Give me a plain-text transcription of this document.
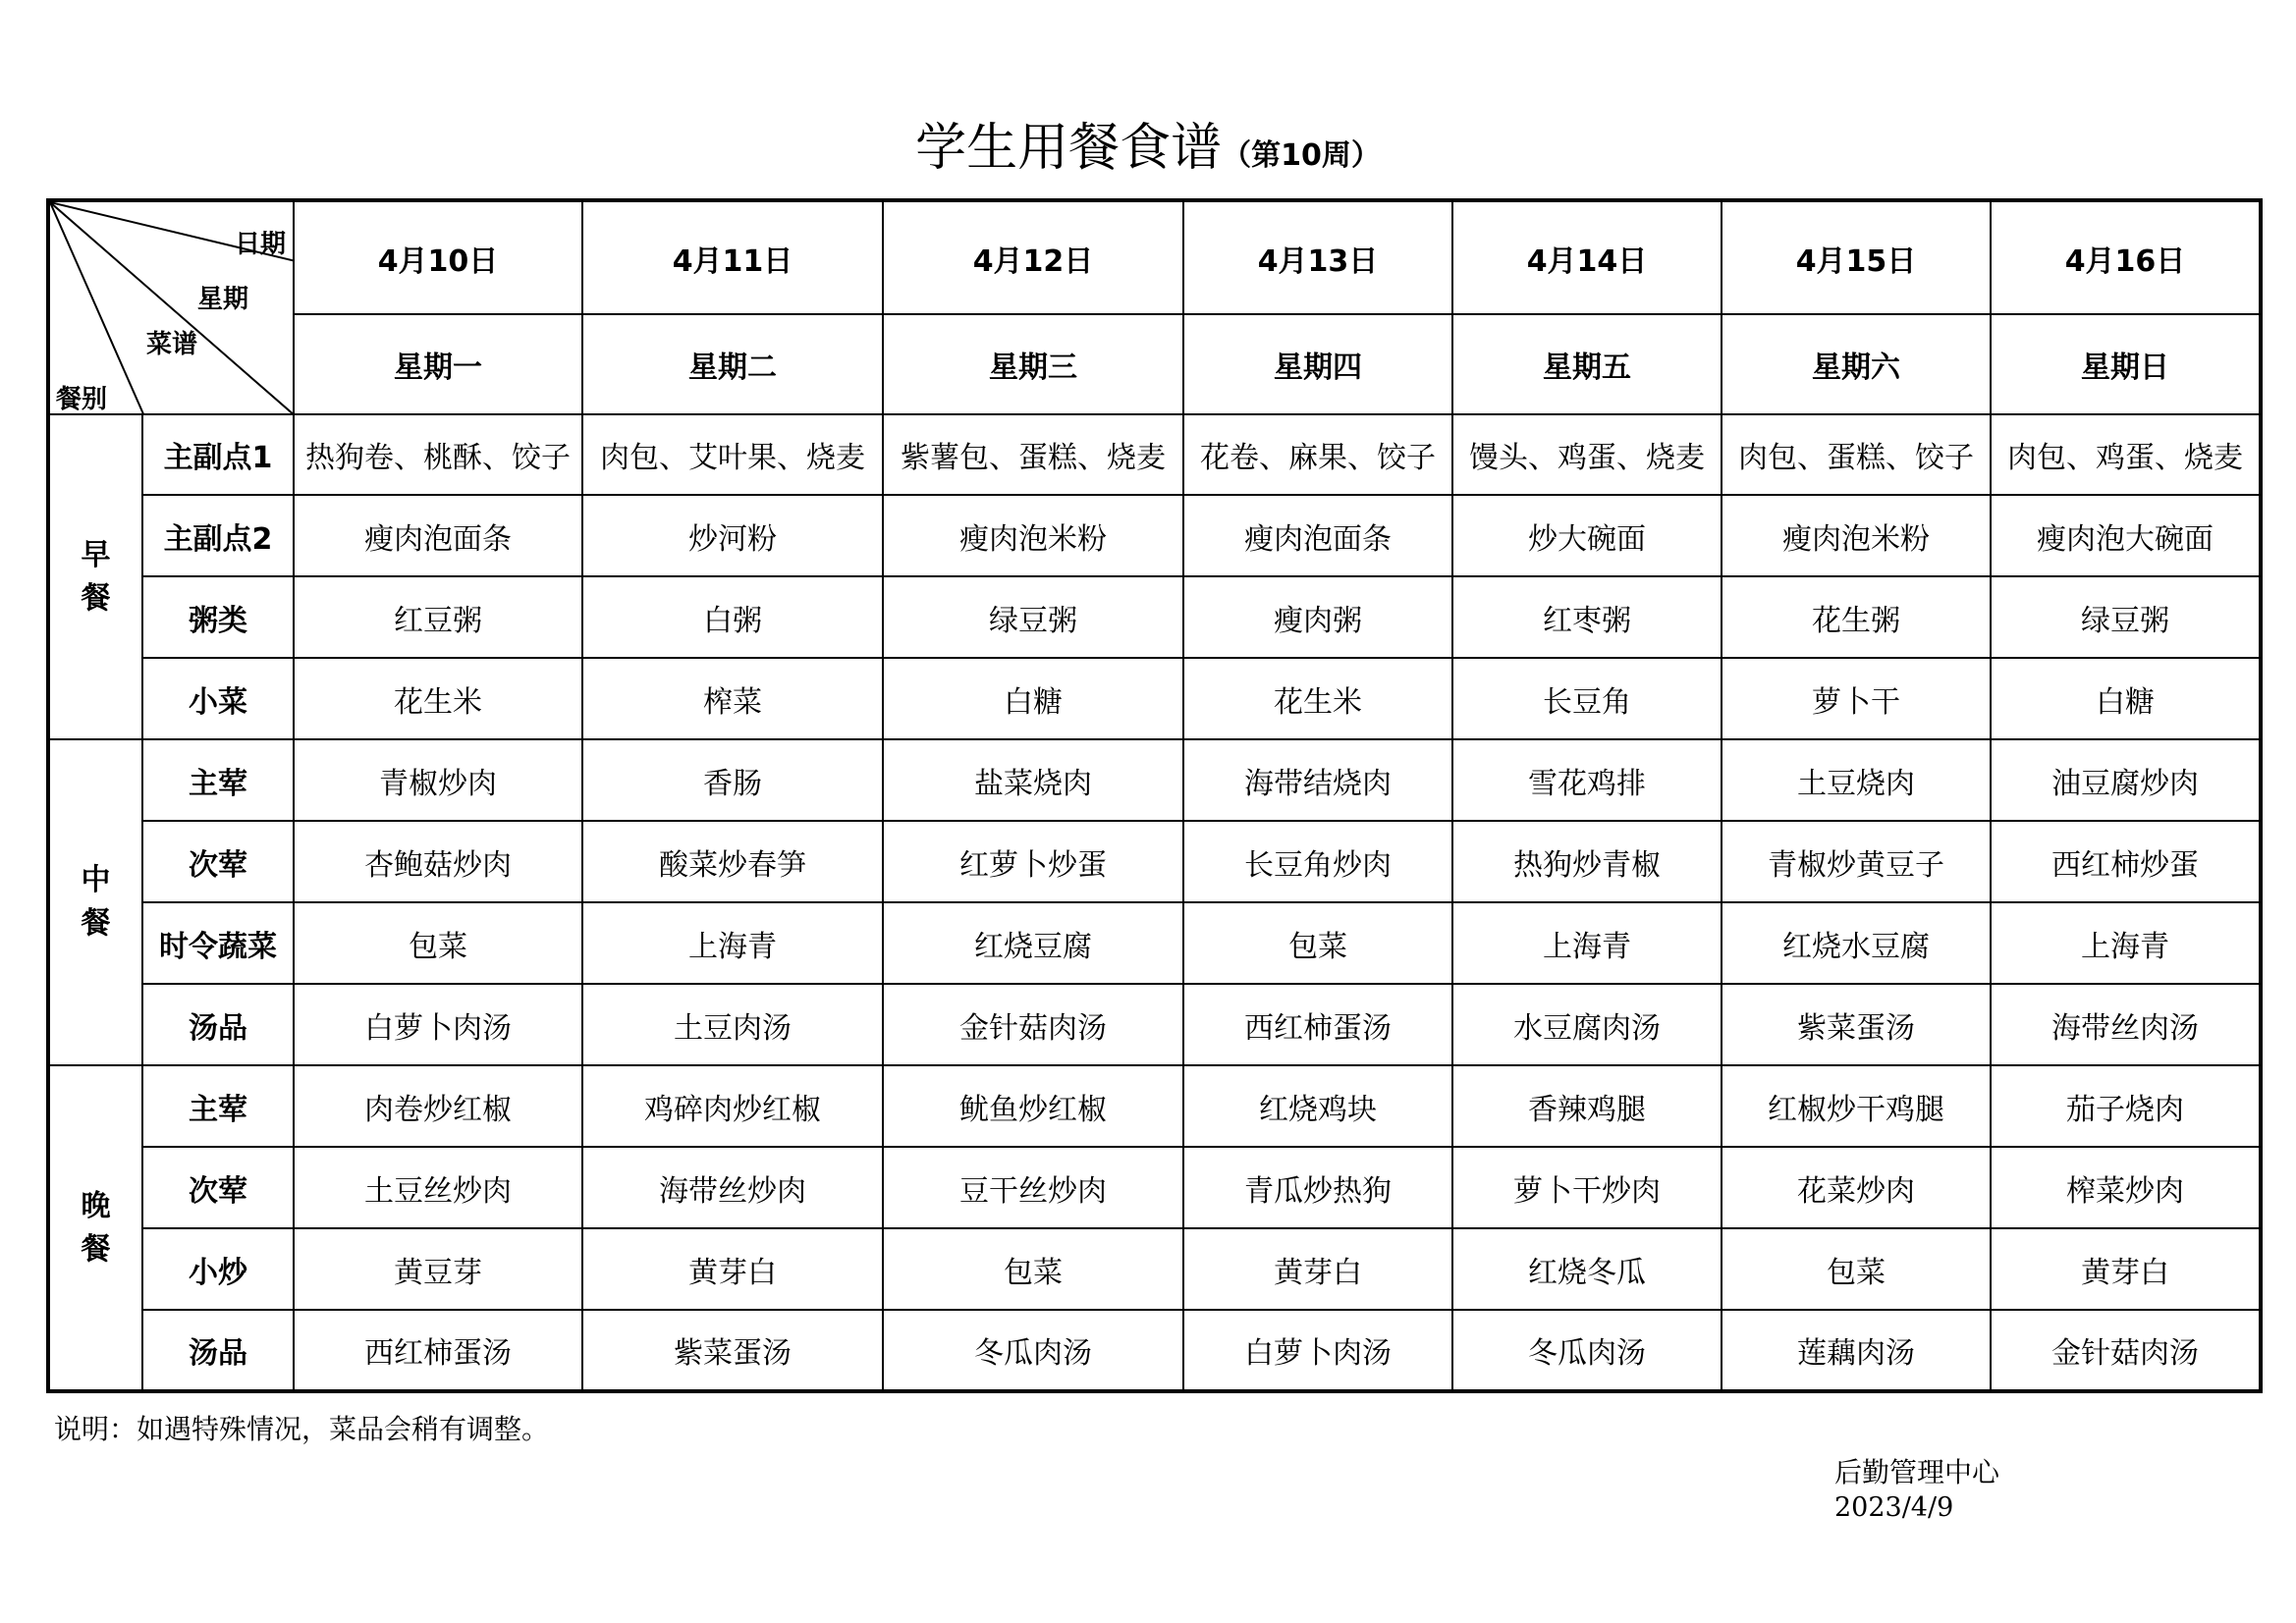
学生用餐食谱（第10周）
日期
星期
菜谱
餐别		4月10日	4月11日	4月12日	4月13日	4月14日	4月15日	4月16日
		星期一	星期二	星期三	星期四	星期五	星期六	星期日

早餐	主副点1	热狗卷、桃酥、饺子	肉包、艾叶果、烧麦	紫薯包、蛋糕、烧麦	花卷、麻果、饺子	馒头、鸡蛋、烧麦	肉包、蛋糕、饺子	肉包、鸡蛋、烧麦
	主副点2	瘦肉泡面条	炒河粉	瘦肉泡米粉	瘦肉泡面条	炒大碗面	瘦肉泡米粉	瘦肉泡大碗面
	粥类	红豆粥	白粥	绿豆粥	瘦肉粥	红枣粥	花生粥	绿豆粥
	小菜	花生米	榨菜	白糖	花生米	长豆角	萝卜干	白糖

中餐	主荤	青椒炒肉	香肠	盐菜烧肉	海带结烧肉	雪花鸡排	土豆烧肉	油豆腐炒肉
	次荤	杏鲍菇炒肉	酸菜炒春笋	红萝卜炒蛋	长豆角炒肉	热狗炒青椒	青椒炒黄豆子	西红柿炒蛋
	时令蔬菜	包菜	上海青	红烧豆腐	包菜	上海青	红烧水豆腐	上海青
	汤品	白萝卜肉汤	土豆肉汤	金针菇肉汤	西红柿蛋汤	水豆腐肉汤	紫菜蛋汤	海带丝肉汤

晚餐	主荤	肉卷炒红椒	鸡碎肉炒红椒	鱿鱼炒红椒	红烧鸡块	香辣鸡腿	红椒炒干鸡腿	茄子烧肉
	次荤	土豆丝炒肉	海带丝炒肉	豆干丝炒肉	青瓜炒热狗	萝卜干炒肉	花菜炒肉	榨菜炒肉
	小炒	黄豆芽	黄芽白	包菜	黄芽白	红烧冬瓜	包菜	黄芽白
	汤品	西红柿蛋汤	紫菜蛋汤	冬瓜肉汤	白萝卜肉汤	冬瓜肉汤	莲藕肉汤	金针菇肉汤
说明：如遇特殊情况，菜品会稍有调整。
后勤管理中心
2023/4/9
